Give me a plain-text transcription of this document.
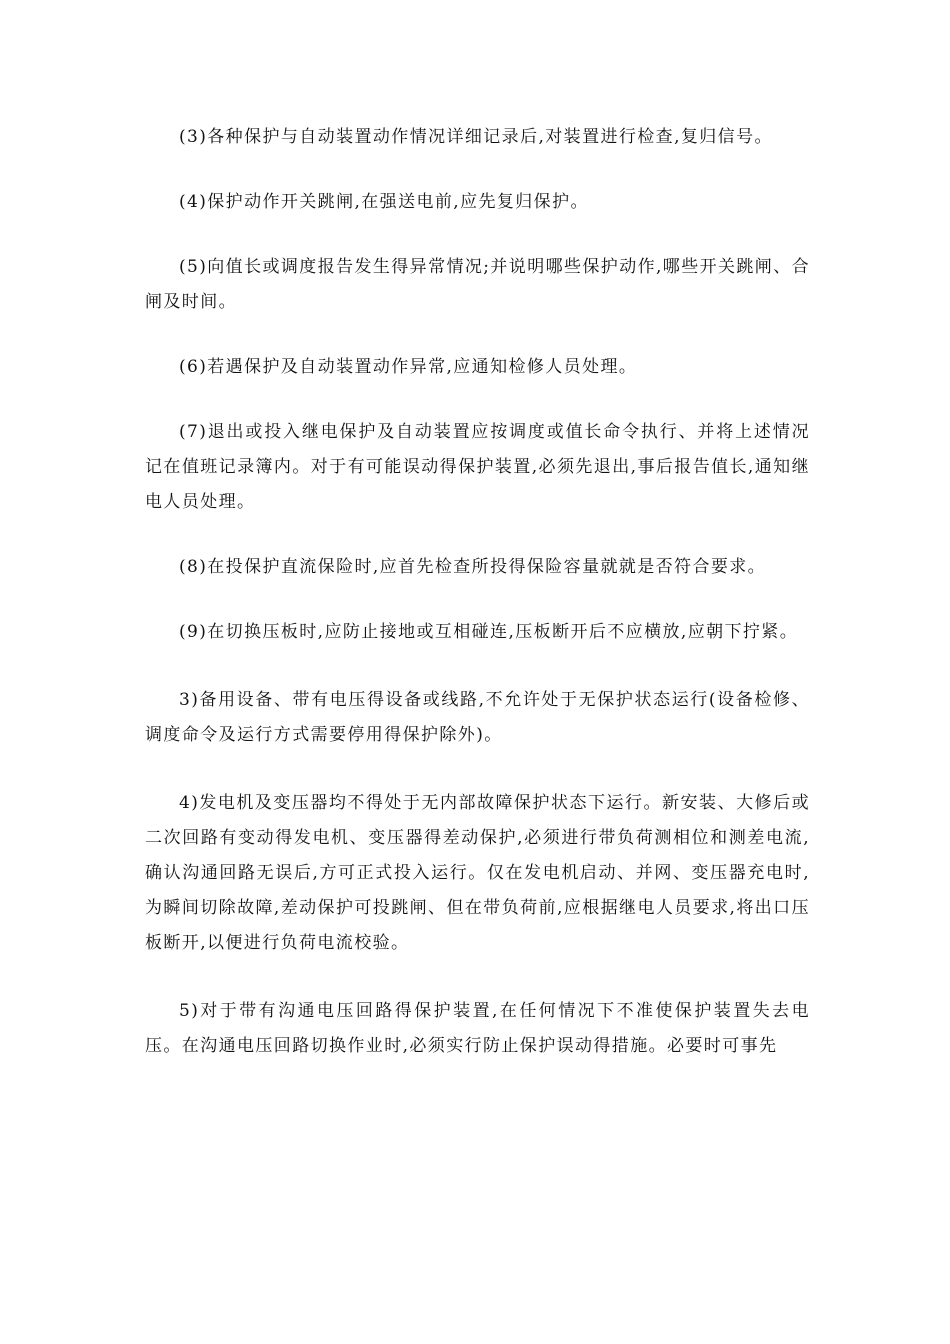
(3)各种保护与自动装置动作情况详细记录后,对装置进行检查,复归信号。

(4)保护动作开关跳闸,在强送电前,应先复归保护。

(5)向值长或调度报告发生得异常情况;并说明哪些保护动作,哪些开关跳闸、合闸及时间。

(6)若遇保护及自动装置动作异常,应通知检修人员处理。

(7)退出或投入继电保护及自动装置应按调度或值长命令执行、并将上述情况记在值班记录簿内。对于有可能误动得保护装置,必须先退出,事后报告值长,通知继电人员处理。

(8)在投保护直流保险时,应首先检查所投得保险容量就就是否符合要求。

(9)在切换压板时,应防止接地或互相碰连,压板断开后不应横放,应朝下拧紧。

3)备用设备、带有电压得设备或线路,不允许处于无保护状态运行(设备检修、调度命令及运行方式需要停用得保护除外)。

4)发电机及变压器均不得处于无内部故障保护状态下运行。新安装、大修后或二次回路有变动得发电机、变压器得差动保护,必须进行带负荷测相位和测差电流,确认沟通回路无误后,方可正式投入运行。仅在发电机启动、并网、变压器充电时,为瞬间切除故障,差动保护可投跳闸、但在带负荷前,应根据继电人员要求,将出口压板断开,以便进行负荷电流校验。

5)对于带有沟通电压回路得保护装置,在任何情况下不准使保护装置失去电压。在沟通电压回路切换作业时,必须实行防止保护误动得措施。必要时可事先
